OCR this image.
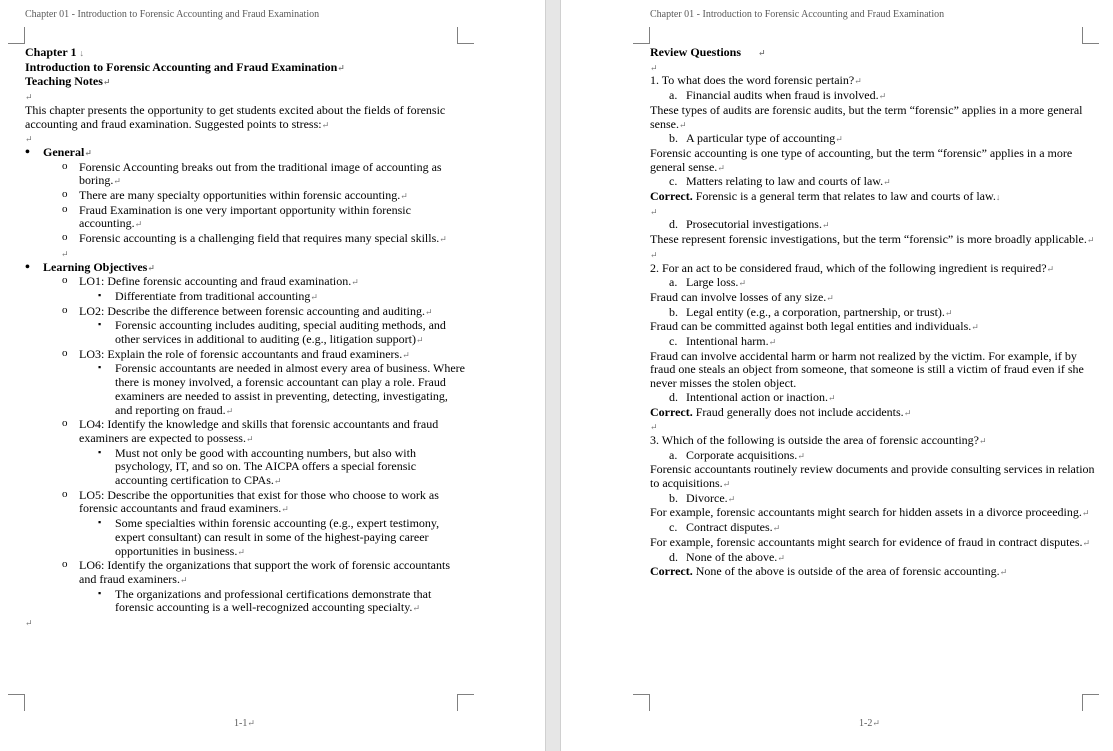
Chapter 01 - Introduction to Forensic Accounting and Fraud Examination
Chapter 1 ↓
Introduction to Forensic Accounting and Fraud Examination↵
Teaching Notes↵
↵
This chapter presents the opportunity to get students excited about the fields of forensic accounting and fraud examination. Suggested points to stress:↵
↵
• General↵
o Forensic Accounting breaks out from the traditional image of accounting as boring.↵
o There are many specialty opportunities within forensic accounting.↵
o Fraud Examination is one very important opportunity within forensic accounting.↵
o Forensic accounting is a challenging field that requires many special skills.↵
↵
• Learning Objectives↵
o LO1: Define forensic accounting and fraud examination.↵
▪ Differentiate from traditional accounting↵
o LO2: Describe the difference between forensic accounting and auditing.↵
▪ Forensic accounting includes auditing, special auditing methods, and other services in additional to auditing (e.g., litigation support)↵
o LO3: Explain the role of forensic accountants and fraud examiners.↵
▪ Forensic accountants are needed in almost every area of business. Where there is money involved, a forensic accountant can play a role. Fraud examiners are needed to assist in preventing, detecting, investigating, and reporting on fraud.↵
o LO4: Identify the knowledge and skills that forensic accountants and fraud examiners are expected to possess.↵
▪ Must not only be good with accounting numbers, but also with psychology, IT, and so on. The AICPA offers a special forensic accounting certification to CPAs.↵
o LO5: Describe the opportunities that exist for those who choose to work as forensic accountants and fraud examiners.↵
▪ Some specialties within forensic accounting (e.g., expert testimony, expert consultant) can result in some of the highest-paying career opportunities in business.↵
o LO6: Identify the organizations that support the work of forensic accountants and fraud examiners.↵
▪ The organizations and professional certifications demonstrate that forensic accounting is a well-recognized accounting specialty.↵
↵
1-1↵
Chapter 01 - Introduction to Forensic Accounting and Fraud Examination
Review Questions ↵
↵
1. To what does the word forensic pertain?↵
a. Financial audits when fraud is involved.↵
These types of audits are forensic audits, but the term “forensic” applies in a more general sense.↵
b. A particular type of accounting↵
Forensic accounting is one type of accounting, but the term “forensic” applies in a more general sense.↵
c. Matters relating to law and courts of law.↵
Correct. Forensic is a general term that relates to law and courts of law.↓
↵
d. Prosecutorial investigations.↵
These represent forensic investigations, but the term “forensic” is more broadly applicable.↵
↵
2. For an act to be considered fraud, which of the following ingredient is required?↵
a. Large loss.↵
Fraud can involve losses of any size.↵
b. Legal entity (e.g., a corporation, partnership, or trust).↵
Fraud can be committed against both legal entities and individuals.↵
c. Intentional harm.↵
Fraud can involve accidental harm or harm not realized by the victim. For example, if by fraud one steals an object from someone, that someone is still a victim of fraud even if she never misses the stolen object.
d. Intentional action or inaction.↵
Correct. Fraud generally does not include accidents.↵
↵
3. Which of the following is outside the area of forensic accounting?↵
a. Corporate acquisitions.↵
Forensic accountants routinely review documents and provide consulting services in relation to acquisitions.↵
b. Divorce.↵
For example, forensic accountants might search for hidden assets in a divorce proceeding.↵
c. Contract disputes.↵
For example, forensic accountants might search for evidence of fraud in contract disputes.↵
d. None of the above.↵
Correct. None of the above is outside of the area of forensic accounting.↵
1-2↵
